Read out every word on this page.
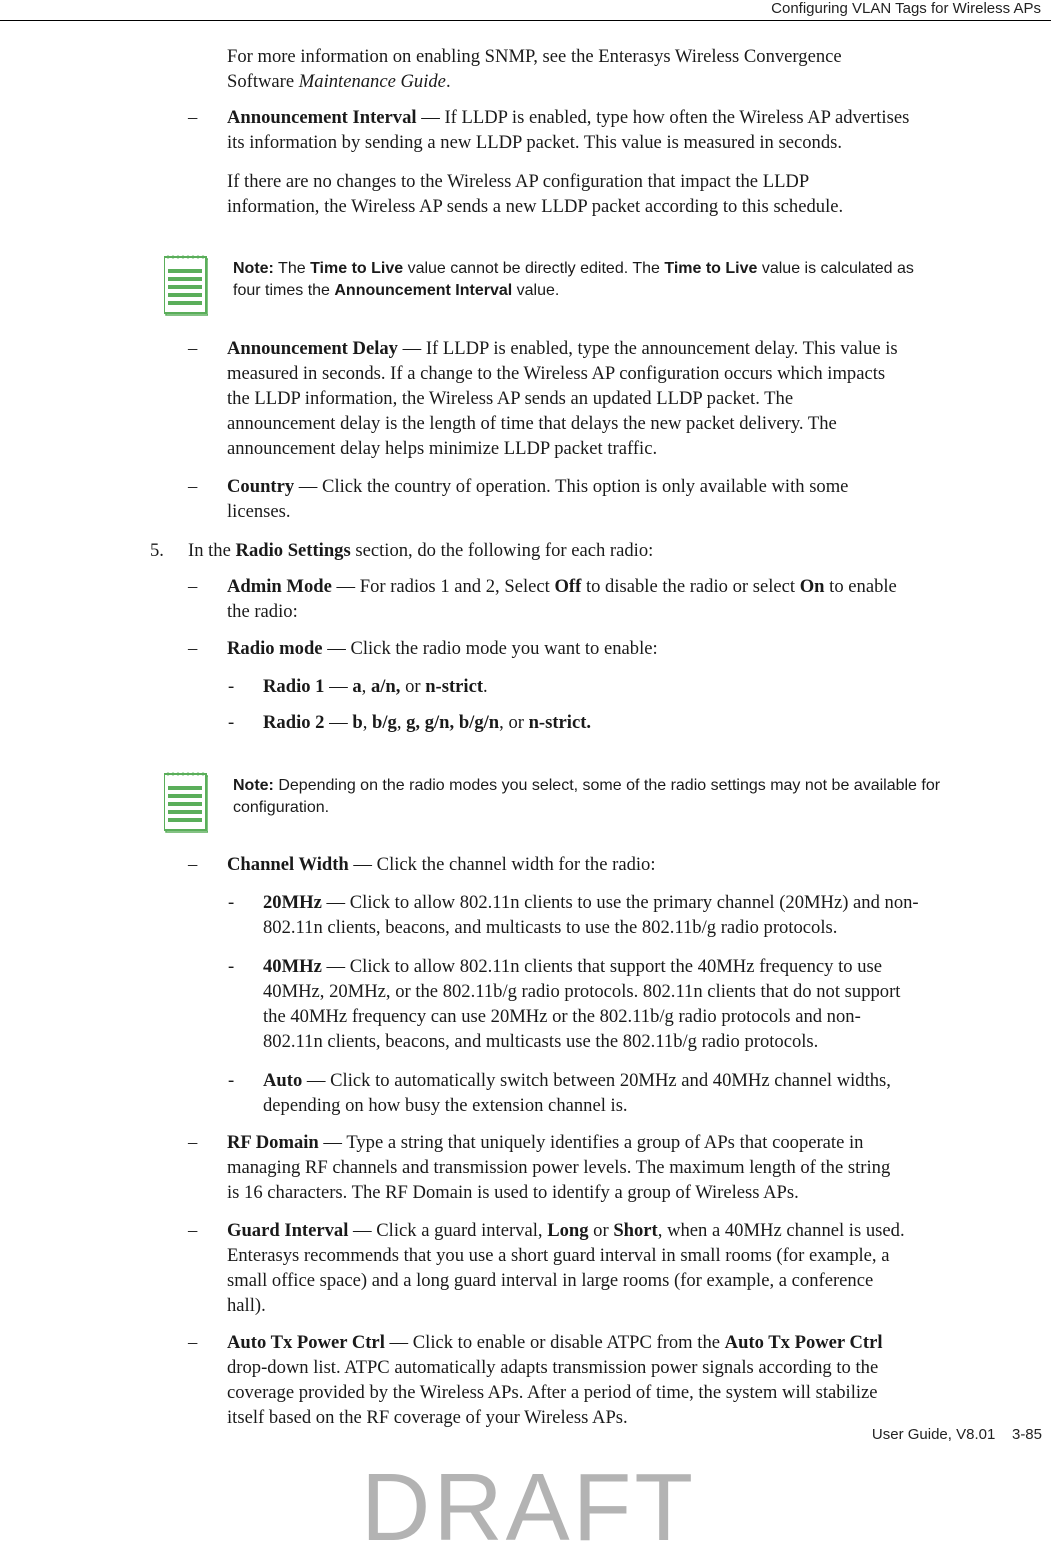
Configuring VLAN Tags for Wireless APs
For more information on enabling SNMP, see the Enterasys Wireless Convergence
Software Maintenance Guide.
– Announcement Interval — If LLDP is enabled, type how often the Wireless AP advertises
its information by sending a new LLDP packet. This value is measured in seconds.
If there are no changes to the Wireless AP configuration that impact the LLDP
information, the Wireless AP sends a new LLDP packet according to this schedule.
Note: The Time to Live value cannot be directly edited. The Time to Live value is calculated as
four times the Announcement Interval value.
– Announcement Delay — If LLDP is enabled, type the announcement delay. This value is
measured in seconds. If a change to the Wireless AP configuration occurs which impacts
the LLDP information, the Wireless AP sends an updated LLDP packet. The
announcement delay is the length of time that delays the new packet delivery. The
announcement delay helps minimize LLDP packet traffic.
– Country — Click the country of operation. This option is only available with some
licenses.
5. In the Radio Settings section, do the following for each radio:
– Admin Mode — For radios 1 and 2, Select Off to disable the radio or select On to enable
the radio:
– Radio mode — Click the radio mode you want to enable:
- Radio 1 — a, a/n, or n-strict.
- Radio 2 — b, b/g, g, g/n, b/g/n, or n-strict.
Note: Depending on the radio modes you select, some of the radio settings may not be available for
configuration.
– Channel Width — Click the channel width for the radio:
- 20MHz — Click to allow 802.11n clients to use the primary channel (20MHz) and non-
802.11n clients, beacons, and multicasts to use the 802.11b/g radio protocols.
- 40MHz — Click to allow 802.11n clients that support the 40MHz frequency to use
40MHz, 20MHz, or the 802.11b/g radio protocols. 802.11n clients that do not support
the 40MHz frequency can use 20MHz or the 802.11b/g radio protocols and non-
802.11n clients, beacons, and multicasts use the 802.11b/g radio protocols.
- Auto — Click to automatically switch between 20MHz and 40MHz channel widths,
depending on how busy the extension channel is.
– RF Domain — Type a string that uniquely identifies a group of APs that cooperate in
managing RF channels and transmission power levels. The maximum length of the string
is 16 characters. The RF Domain is used to identify a group of Wireless APs.
– Guard Interval — Click a guard interval, Long or Short, when a 40MHz channel is used.
Enterasys recommends that you use a short guard interval in small rooms (for example, a
small office space) and a long guard interval in large rooms (for example, a conference
hall).
– Auto Tx Power Ctrl — Click to enable or disable ATPC from the Auto Tx Power Ctrl
drop-down list. ATPC automatically adapts transmission power signals according to the
coverage provided by the Wireless APs. After a period of time, the system will stabilize
itself based on the RF coverage of your Wireless APs.
User Guide, V8.01    3-85
DRAFT
